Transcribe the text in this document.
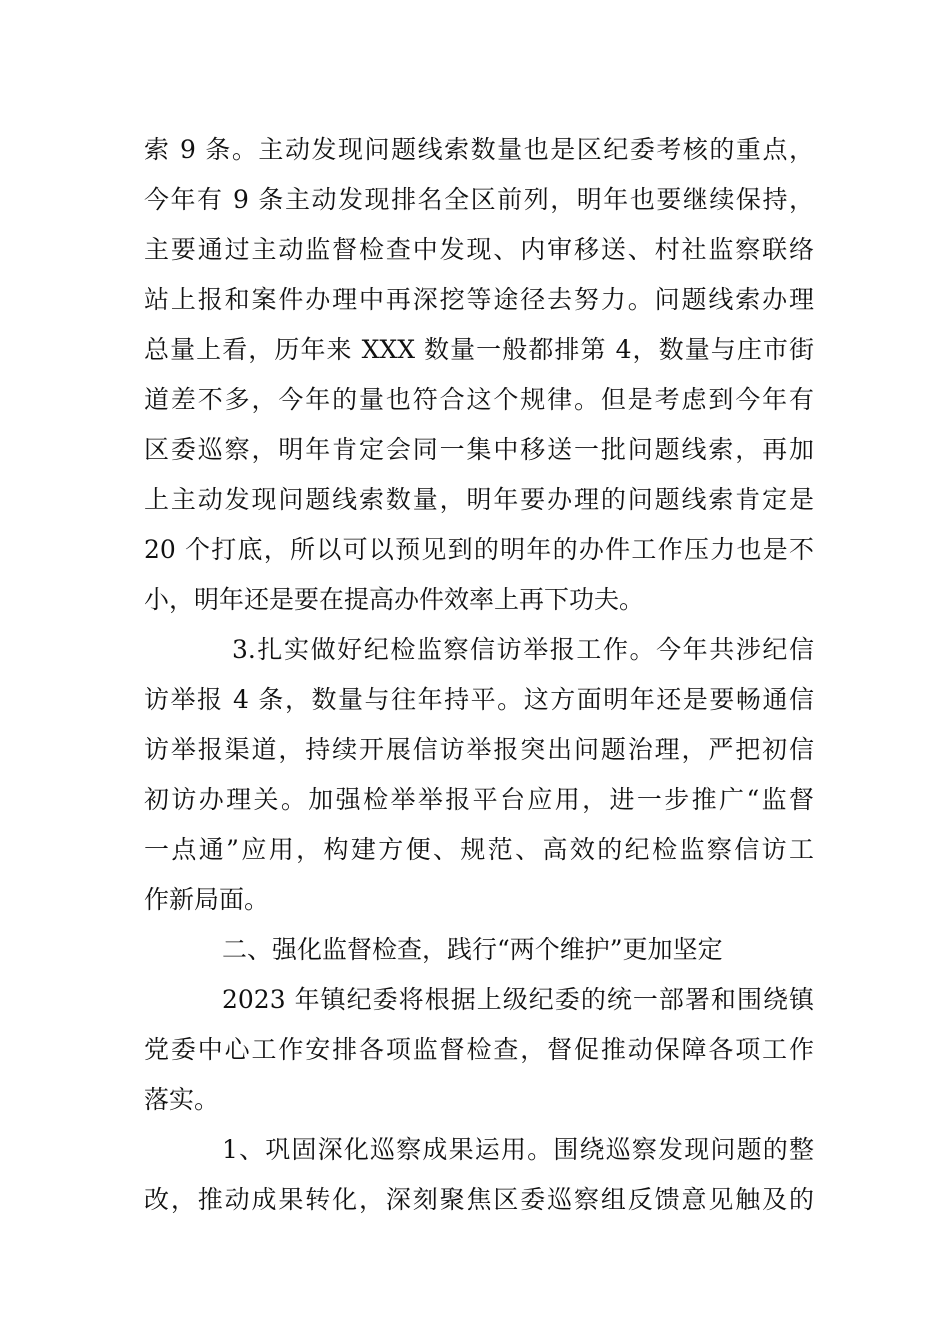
索 9 条。主动发现问题线索数量也是区纪委考核的重点，
今年有 9 条主动发现排名全区前列，明年也要继续保持，
主要通过主动监督检查中发现、内审移送、村社监察联络
站上报和案件办理中再深挖等途径去努力。问题线索办理
总量上看，历年来 XXX 数量一般都排第 4，数量与庄市街
道差不多，今年的量也符合这个规律。但是考虑到今年有
区委巡察，明年肯定会同一集中移送一批问题线索，再加
上主动发现问题线索数量，明年要办理的问题线索肯定是
20 个打底，所以可以预见到的明年的办件工作压力也是不
小，明年还是要在提高办件效率上再下功夫。
3.扎实做好纪检监察信访举报工作。今年共涉纪信
访举报 4 条，数量与往年持平。这方面明年还是要畅通信
访举报渠道，持续开展信访举报突出问题治理，严把初信
初访办理关。加强检举举报平台应用，进一步推广“监督
一点通”应用，构建方便、规范、高效的纪检监察信访工
作新局面。
二、强化监督检查，践行“两个维护”更加坚定
2023 年镇纪委将根据上级纪委的统一部署和围绕镇
党委中心工作安排各项监督检查，督促推动保障各项工作
落实。
1、巩固深化巡察成果运用。围绕巡察发现问题的整
改，推动成果转化，深刻聚焦区委巡察组反馈意见触及的
